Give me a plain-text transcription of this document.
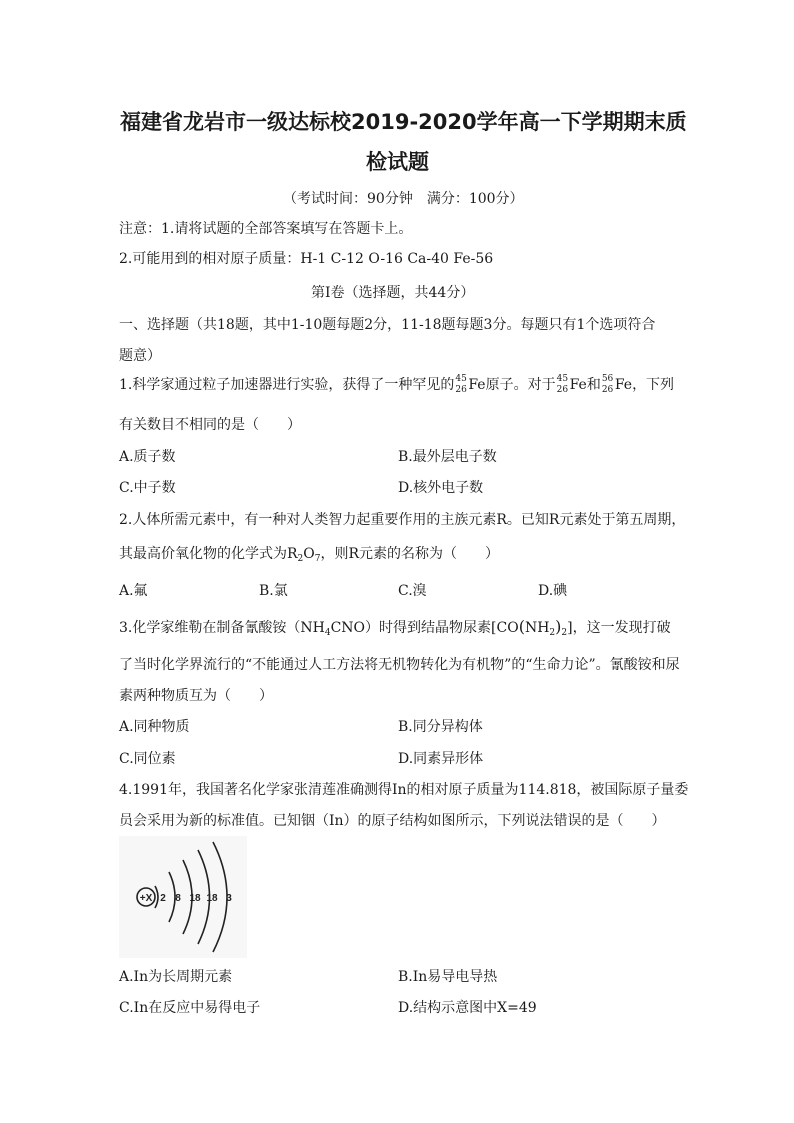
福建省龙岩市一级达标校2019-2020学年高一下学期期末质
检试题
（考试时间：90分钟　满分：100分）
注意：1.请将试题的全部答案填写在答题卡上。
2.可能用到的相对原子质量：H-1 C-12 O-16 Ca-40 Fe-56
第Ⅰ卷（选择题，共44分）
一、选择题（共18题，其中1-10题每题2分，11-18题每题3分。每题只有1个选项符合
题意）
1.科学家通过粒子加速器进行实验，获得了一种罕见的 45
26 Fe原子。对于 45
26 Fe和 56
26 Fe，下列
有关数目不相同的是（　　）
A.质子数	B.最外层电子数
C.中子数	D.核外电子数
2.人体所需元素中，有一种对人类智力起重要作用的主族元素R。已知R元素处于第五周期，
其最高价氧化物的化学式为$R_2O_7$，则R元素的名称为（　　）
A.氟	B.氯	C.溴	D.碘
3.化学家维勒在制备氰酸铵$(NH_4CNO)$时得到结晶物尿素$[CO(NH_2)_2]$，这一发现打破
了当时化学界流行的“不能通过人工方法将无机物转化为有机物”的“生命力论”。氰酸铵和尿
素两种物质互为（　　）
A.同种物质	B.同分异构体
C.同位素	D.同素异形体
4.1991年，我国著名化学家张清莲准确测得In的相对原子质量为114.818，被国际原子量委
员会采用为新的标准值。已知铟（In）的原子结构如图所示，下列说法错误的是（　　）
+X 2 8 18 18 3
A.In为长周期元素	B.In易导电导热
C.In在反应中易得电子	D.结构示意图中X=49
